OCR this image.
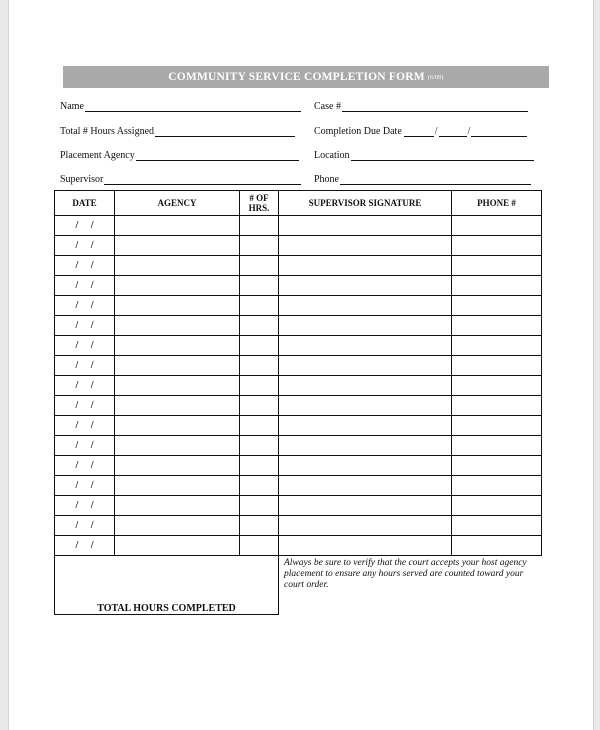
COMMUNITY SERVICE COMPLETION FORM (6/09)
Name	Case #
Total # Hours Assigned	Completion Due Date	/	/
Placement Agency	Location
Supervisor	Phone
DATE	AGENCY	# OF HRS.	SUPERVISOR SIGNATURE	PHONE #
/     /				
/     /				
/     /				
/     /				
/     /				
/     /				
/     /				
/     /				
/     /				
/     /				
/     /				
/     /				
/     /				
/     /				
/     /				
/     /				
/     /				
TOTAL HOURS COMPLETED			Always be sure to verify that the court accepts your host agency placement to ensure any hours served are counted toward your court order.	
